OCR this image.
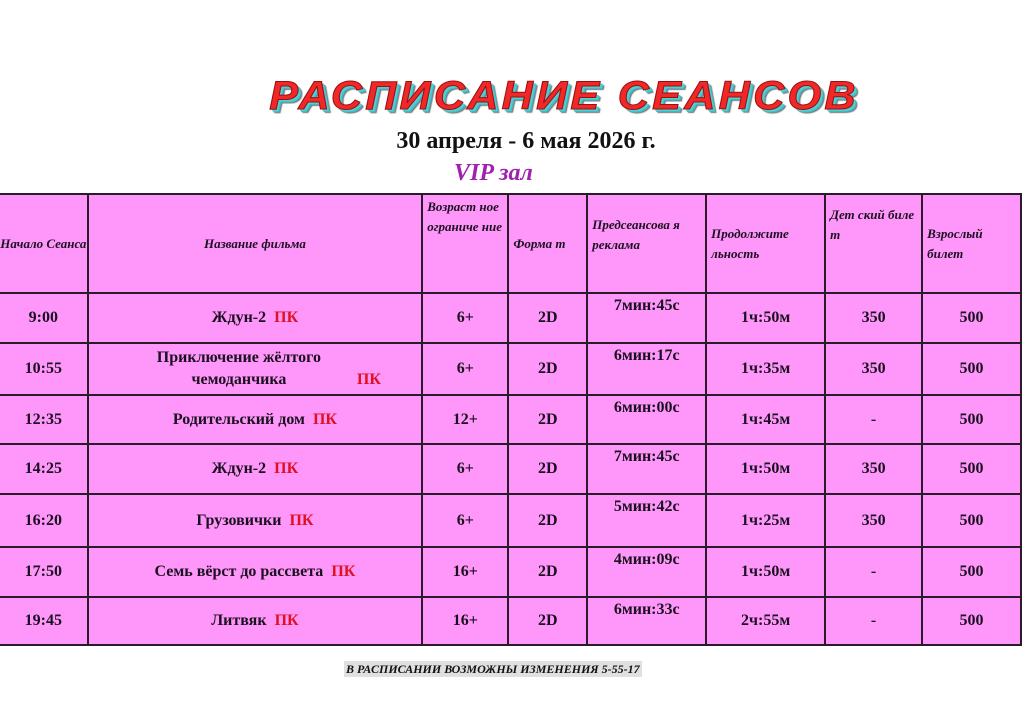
РАСПИСАНИЕ СЕАНСОВ

30 апреля - 6 мая 2026 г.

VIP зал

Начало Сеанса	Название фильма	Возраст ное ограниче ние	Форма т	Предсеансова я реклама	Продолжите льность	Дет ский биле т	Взрослый билет
9:00	Ждун-2 ПК	6+	2D	7мин:45с	1ч:50м	350	500
10:55	Приключение жёлтого чемоданчика ПК	6+	2D	6мин:17с	1ч:35м	350	500
12:35	Родительский дом ПК	12+	2D	6мин:00с	1ч:45м	-	500
14:25	Ждун-2 ПК	6+	2D	7мин:45с	1ч:50м	350	500
16:20	Грузовички ПК	6+	2D	5мин:42с	1ч:25м	350	500
17:50	Семь вёрст до рассвета ПК	16+	2D	4мин:09с	1ч:50м	-	500
19:45	Литвяк ПК	16+	2D	6мин:33с	2ч:55м	-	500
В РАСПИСАНИИ ВОЗМОЖНЫ ИЗМЕНЕНИЯ 5-55-17
